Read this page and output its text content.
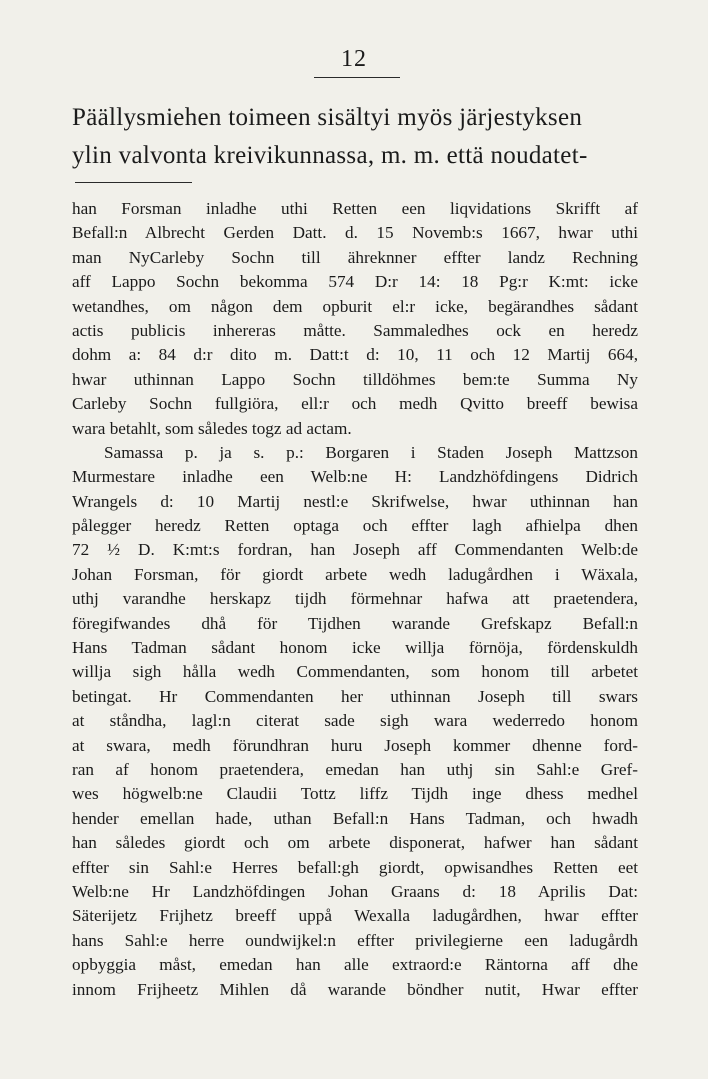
12
Päällysmiehen toimeen sisältyi myös järjestyksen
ylin valvonta kreivikunnassa, m. m. että noudatet-
han Forsman inladhe uthi Retten een liqvidations Skrifft af
Befall:n Albrecht Gerden Datt. d. 15 Novemb:s 1667, hwar uthi
man NyCarleby Sochn till ähreknner effter landz Rechning
aff Lappo Sochn bekomma 574 D:r 14: 18 Pg:r K:mt: icke
wetandhes, om någon dem opburit el:r icke, begärandhes sådant
actis publicis inhereras måtte. Sammaledhes ock en heredz
dohm a: 84 d:r dito m. Datt:t d: 10, 11 och 12 Martij 664,
hwar uthinnan Lappo Sochn tilldöhmes bem:te Summa Ny
Carleby Sochn fullgiöra, ell:r och medh Qvitto breeff bewisa
wara betahlt, som således togz ad actam.
Samassa p. ja s. p.: Borgaren i Staden Joseph Mattzson
Murmestare inladhe een Welb:ne H: Landzhöfdingens Didrich
Wrangels d: 10 Martij nestl:e Skrifwelse, hwar uthinnan han
pålegger heredz Retten optaga och effter lagh afhielpa dhen
72 ½ D. K:mt:s fordran, han Joseph aff Commendanten Welb:de
Johan Forsman, för giordt arbete wedh ladugårdhen i Wäxala,
uthj varandhe herskapz tijdh förmehnar hafwa att praetendera,
föregifwandes dhå för Tijdhen warande Grefskapz Befall:n
Hans Tadman sådant honom icke willja förnöja, fördenskuldh
willja sigh hålla wedh Commendanten, som honom till arbetet
betingat. Hr Commendanten her uthinnan Joseph till swars
at ståndha, lagl:n citerat sade sigh wara wederredo honom
at swara, medh förundhran huru Joseph kommer dhenne ford-
ran af honom praetendera, emedan han uthj sin Sahl:e Gref-
wes högwelb:ne Claudii Tottz liffz Tijdh inge dhess medhel
hender emellan hade, uthan Befall:n Hans Tadman, och hwadh
han således giordt och om arbete disponerat, hafwer han sådant
effter sin Sahl:e Herres befall:gh giordt, opwisandhes Retten eet
Welb:ne Hr Landzhöfdingen Johan Graans d: 18 Aprilis Dat:
Säterijetz Frijhetz breeff uppå Wexalla ladugårdhen, hwar effter
hans Sahl:e herre oundwijkel:n effter privilegierne een ladugårdh
opbyggia måst, emedan han alle extraord:e Räntorna aff dhe
innom Frijheetz Mihlen då warande böndher nutit, Hwar effter
